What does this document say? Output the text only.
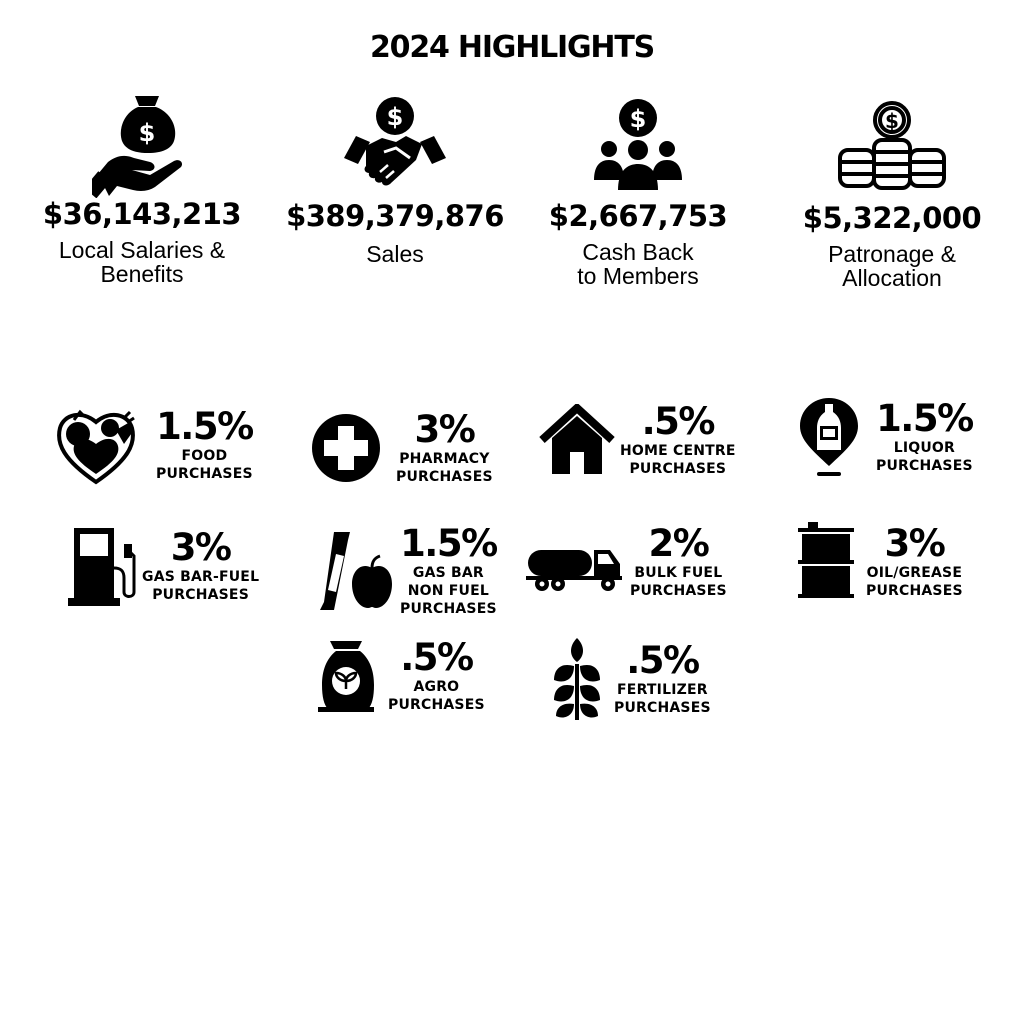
2024 HIGHLIGHTS
$
$36,143,213
Local Salaries &
Benefits
$
$389,379,876
Sales
$
$2,667,753
Cash Back
to Members
$
$5,322,000
Patronage &
Allocation
1.5%
FOOD
PURCHASES
3%
PHARMACY
PURCHASES
.5%
HOME CENTRE
PURCHASES
1.5%
LIQUOR
PURCHASES
3%
GAS BAR-FUEL
PURCHASES
1.5%
GAS BAR
NON FUEL
PURCHASES
2%
BULK FUEL
PURCHASES
3%
OIL/GREASE
PURCHASES
.5%
AGRO
PURCHASES
.5%
FERTILIZER
PURCHASES
